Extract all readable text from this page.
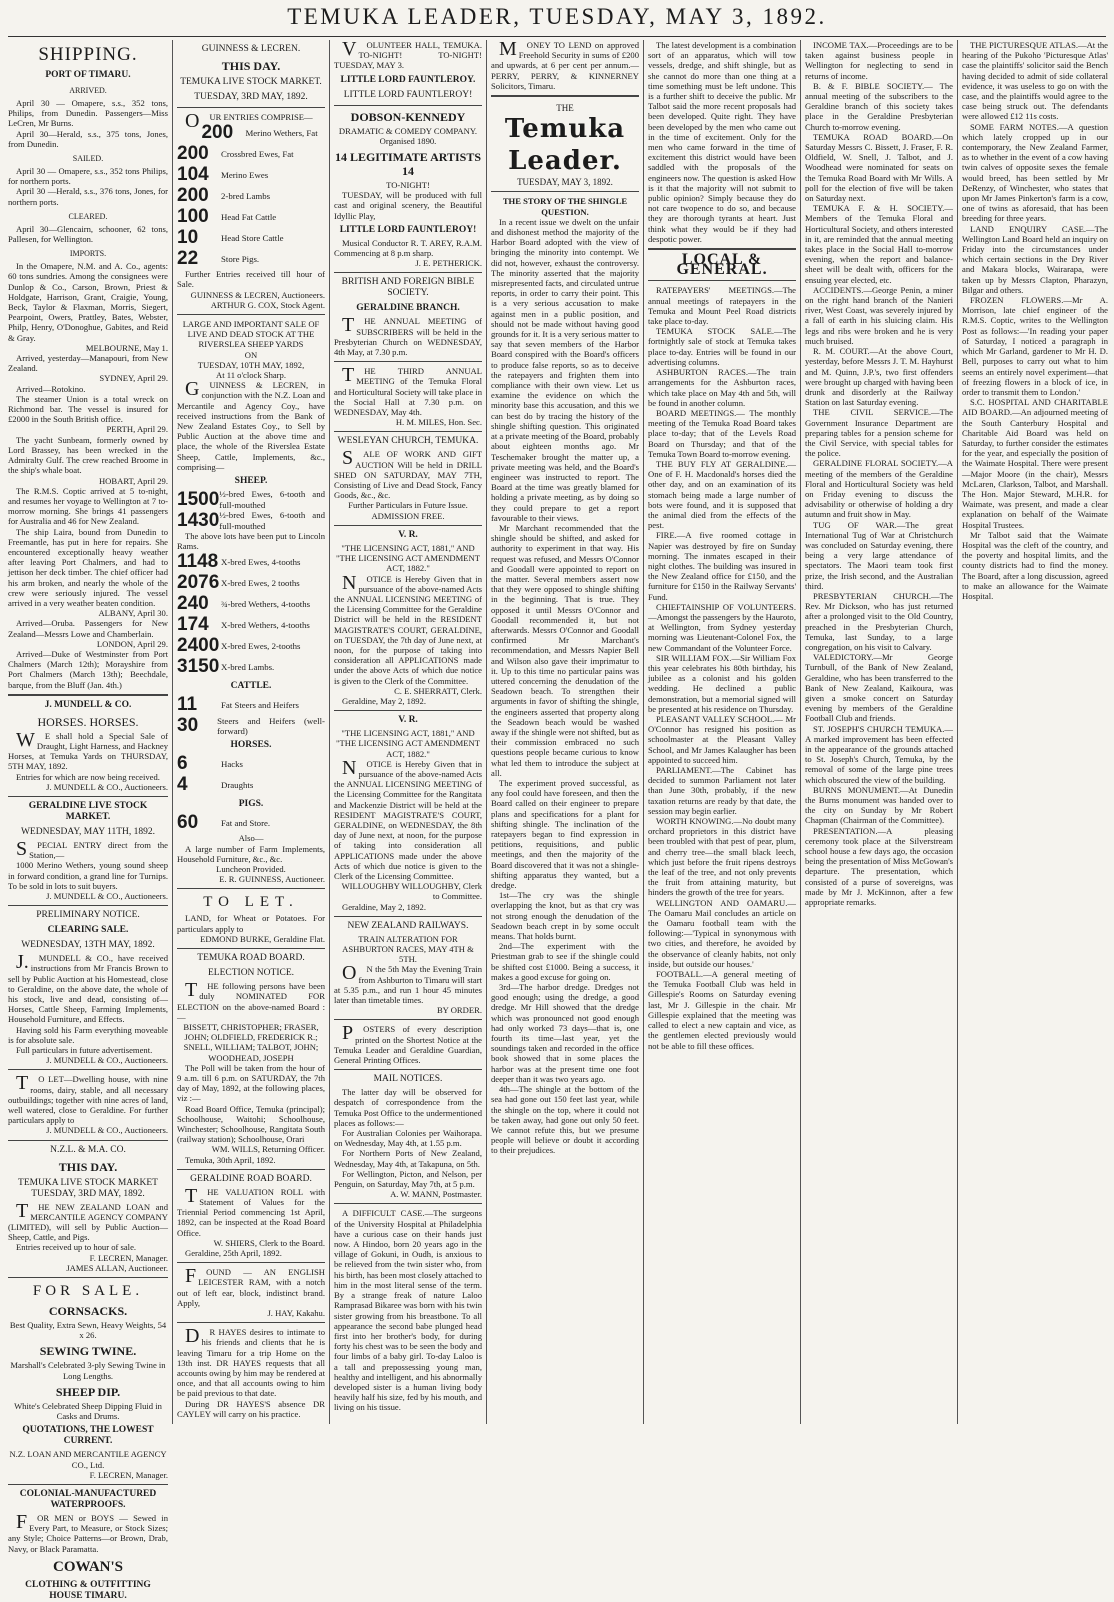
TEMUKA LEADER, TUESDAY, MAY 3, 1892.
SHIPPING.
PORT OF TIMARU.
ARRIVED.

April 30 — Omapere, s.s., 352 tons, Philips, from Dunedin. Passengers—Miss LeCren, Mr Burns.

April 30—Herald, s.s., 375 tons, Jones, from Dunedin.

SAILED.

April 30 — Omapere, s.s., 352 tons Philips, for northern ports.

April 30 —Herald, s.s., 376 tons, Jones, for northern ports.

CLEARED.

April 30—Glencairn, schooner, 62 tons, Pallesen, for Wellington.

IMPORTS.

In the Omapere, N.M. and A. Co., agents: 60 tons sundries. Among the consignees were Dunlop & Co., Carson, Brown, Priest & Holdgate, Harrison, Grant, Craigie, Young, Beck, Taylor & Flaxman, Morris, Siegert, Pearpoint, Owers, Prattley, Bates, Webster, Philp, Henry, O'Donoghue, Gabites, and Reid & Gray.

MELBOURNE, May 1.

Arrived, yesterday—Manapouri, from New Zealand.

SYDNEY, April 29.

Arrived—Rotokino.

The steamer Union is a total wreck on Richmond bar. The vessel is insured for £2000 in the South British office.

PERTH, April 29.

The yacht Sunbeam, formerly owned by Lord Brassey, has been wrecked in the Admiralty Gulf. The crew reached Broome in the ship's whale boat.

HOBART, April 29.

The R.M.S. Coptic arrived at 5 to-night, and resumes her voyage to Wellington at 7 to-morrow morning. She brings 41 passengers for Australia and 46 for New Zealand.

The ship Laira, bound from Dunedin to Freemantle, has put in here for repairs. She encountered exceptionally heavy weather after leaving Port Chalmers, and had to jettison her deck timber. The chief officer had his arm broken, and nearly the whole of the crew were seriously injured. The vessel arrived in a very weather beaten condition.

ALBANY, April 30.

Arrived—Oruba. Passengers for New Zealand—Messrs Lowe and Chamberlain.

LONDON, April 29.

Arrived—Duke of Westminster from Port Chalmers (March 12th); Morayshire from Port Chalmers (March 13th); Beechdale, barque, from the Bluff (Jan. 4th.)

J. MUNDELL & CO.
HORSES. HORSES.

WE shall hold a Special Sale of Draught, Light Harness, and Hackney Horses, at Temuka Yards on THURSDAY, 5TH MAY, 1892.

Entries for which are now being received.

J. MUNDELL & CO., Auctioneers.

GERALDINE LIVE STOCK MARKET.
WEDNESDAY, MAY 11TH, 1892.

SPECIAL ENTRY direct from the Station,—

1000 Merino Wethers, young sound sheep in forward condition, a grand line for Turnips. To be sold in lots to suit buyers.

J. MUNDELL & CO., Auctioneers.

PRELIMINARY NOTICE.
CLEARING SALE.
WEDNESDAY, 13TH MAY, 1892.

J.MUNDELL & CO., have received instructions from Mr Francis Brown to sell by Public Auction at his Homestead, close to Geraldine, on the above date, the whole of his stock, live and dead, consisting of—Horses, Cattle Sheep, Farming Implements, Household Furniture, and Effects.

Having sold his Farm everything moveable is for absolute sale.

Full particulars in future advertisement.

J. MUNDELL & CO., Auctioneers.

TO LET—Dwelling house, with nine rooms, dairy, stable, and all necessary outbuildings; together with nine acres of land, well watered, close to Geraldine. For further particulars apply to

J. MUNDELL & CO., Auctioneers.

N.Z.L. & M.A. CO.
THIS DAY.
TEMUKA LIVE STOCK MARKET TUESDAY, 3RD MAY, 1892.

THE NEW ZEALAND LOAN and MERCANTILE AGENCY COMPANY (LIMITED), will sell by Public Auction—Sheep, Cattle, and Pigs.

Entries received up to hour of sale.

F. LECREN, Manager.

JAMES ALLAN, Auctioneer.

FOR SALE.
CORNSACKS.

Best Quality, Extra Sewn, Heavy Weights, 54 x 26.

SEWING TWINE.

Marshall's Celebrated 3-ply Sewing Twine in Long Lengths.

SHEEP DIP.

White's Celebrated Sheep Dipping Fluid in Casks and Drums.

QUOTATIONS, THE LOWEST CURRENT.

N.Z. LOAN AND MERCANTILE AGENCY CO., Ltd.

F. LECREN, Manager.

COLONIAL-MANUFACTURED WATERPROOFS.

FOR MEN or BOYS — Sewed in Every Part, to Measure, or Stock Sizes; any Style; Choice Patterns—or Brown, Drab, Navy, or Black Paramatta.

COWAN'S
CLOTHING & OUTFITTING HOUSE TIMARU.
GUINNESS & LECREN.
THIS DAY.
TEMUKA LIVE STOCK MARKET.
TUESDAY, 3RD MAY, 1892.

OUR ENTRIES COMPRISE—

200	Merino Wethers, Fat
200	Crossbred Ewes, Fat
104	Merino Ewes
200	2-bred Lambs
100	Head Fat Cattle
10	Head Store Cattle
22	Store Pigs.

Further Entries received till hour of Sale.

GUINNESS & LECREN, Auctioneers.

ARTHUR G. COX, Stock Agent.

LARGE AND IMPORTANT SALE OF LIVE AND DEAD STOCK AT THE RIVERSLEA SHEEP YARDS

ON

TUESDAY, 10TH MAY, 1892,

At 11 o'clock Sharp.

GUINNESS & LECREN, in conjunction with the N.Z. Loan and Mercantile and Agency Coy., have received instructions from the Bank of New Zealand Estates Coy., to Sell by Public Auction at the above time and place, the whole of the Riverslea Estate Sheep, Cattle, Implements, &c., comprising—

SHEEP.
1500 ½-bred Ewes, 6-tooth and full-mouthed
1430 ½-bred Ewes, 6-tooth and full-mouthed

The above lots have been put to Lincoln Rams.

1148 X-bred Ewes, 4-tooths
2076 X-bred Ewes, 2 tooths
240	¾-bred Wethers, 4-tooths
174	X-bred Wethers, 4-tooths
2400 X-bred Ewes, 2-tooths
3150 X-bred Lambs.
CATTLE.
11	Fat Steers and Heifers
30	Steers and Heifers (well-forward)
HORSES.
6	Hacks
4	Draughts
PIGS.
60	Fat and Store.

Also—

A large number of Farm Implements, Household Furniture, &c., &c.

Luncheon Provided.

E. R. GUINNESS, Auctioneer.

TO LET.

LAND, for Wheat or Potatoes. For particulars apply to

EDMOND BURKE, Geraldine Flat.

TEMUKA ROAD BOARD.
ELECTION NOTICE.

THE following persons have been duly NOMINATED FOR ELECTION on the above-named Board :—

BISSETT, CHRISTOPHER; FRASER, JOHN; OLDFIELD, FREDERICK R.; SNELL, WILLIAM; TALBOT, JOHN; WOODHEAD, JOSEPH

The Poll will be taken from the hour of 9 a.m. till 6 p.m. on SATURDAY, the 7th day of May, 1892, at the following places, viz :—

Road Board Office, Temuka (principal); Schoolhouse, Waitohi; Schoolhouse, Winchester; Schoolhouse, Rangitata South (railway station); Schoolhouse, Orari

WM. WILLS, Returning Officer.

Temuka, 30th April, 1892.

GERALDINE ROAD BOARD.

THE VALUATION ROLL with Statement of Values for the Triennial Period commencing 1st April, 1892, can be inspected at the Road Board Office.

W. SHIERS, Clerk to the Board.

Geraldine, 25th April, 1892.

FOUND — AN ENGLISH LEICESTER RAM, with a notch out of left ear, block, indistinct brand. Apply,

J. HAY, Kakahu.

DR HAYES desires to intimate to his friends and clients that he is leaving Timaru for a trip Home on the 13th inst. DR HAYES requests that all accounts owing by him may be rendered at once, and that all accounts owing to him be paid previous to that date.

During DR HAYES'S absence DR CAYLEY will carry on his practice.

VOLUNTEER HALL, TEMUKA. TO-NIGHT! TO-NIGHT! TUESDAY, MAY 3.

LITTLE LORD FAUNTLEROY.
LITTLE LORD FAUNTLEROY!
DOBSON-KENNEDY

DRAMATIC & COMEDY COMPANY. Organised 1890.

14 LEGITIMATE ARTISTS 14

TO-NIGHT!

TUESDAY, will be produced with full cast and original scenery, the Beautiful Idyllic Play,

LITTLE LORD FAUNTLEROY!

Musical Conductor R. T. AREY, R.A.M. Commencing at 8 p.m sharp.

J. E. PETHERICK.

BRITISH AND FOREIGN BIBLE SOCIETY.
GERALDINE BRANCH.

THE ANNUAL MEETING of SUBSCRIBERS will be held in the Presbyterian Church on WEDNESDAY, 4th May, at 7.30 p.m.

THE THIRD ANNUAL MEETING of the Temuka Floral and Horticultural Society will take place in the Social Hall at 7.30 p.m. on WEDNESDAY, May 4th.

H. M. MILES, Hon. Sec.

WESLEYAN CHURCH, TEMUKA.

SALE OF WORK AND GIFT AUCTION Will be held in DRILL SHED ON SATURDAY, MAY 7TH, Consisting of Live and Dead Stock, Fancy Goods, &c., &c.

Further Particulars in Future Issue.

ADMISSION FREE.

V. R.

"THE LICENSING ACT, 1881," AND "THE LICENSING ACT AMENDMENT ACT, 1882."

NOTICE is Hereby Given that in pursuance of the above-named Acts the ANNUAL LICENSING MEETING of the Licensing Committee for the Geraldine District will be held in the RESIDENT MAGISTRATE'S COURT, GERALDINE, on TUESDAY, the 7th day of June next, at noon, for the purpose of taking into consideration all APPLICATIONS made under the above Acts of which due notice is given to the Clerk of the Committee.

C. E. SHERRATT, Clerk.

Geraldine, May 2, 1892.

V. R.

"THE LICENSING ACT, 1881," AND "THE LICENSING ACT AMENDMENT ACT, 1882."

NOTICE is Hereby Given that in pursuance of the above-named Acts the ANNUAL LICENSING MEETING of the Licensing Committee for the Rangitata and Mackenzie District will be held at the RESIDENT MAGISTRATE'S COURT, GERALDINE, on WEDNESDAY, the 8th day of June next, at noon, for the purpose of taking into consideration all APPLICATIONS made under the above Acts of which due notice is given to the Clerk of the Licensing Committee.

WILLOUGHBY WILLOUGHBY, Clerk to Committee.

Geraldine, May 2, 1892.

NEW ZEALAND RAILWAYS.

TRAIN ALTERATION FOR ASHBURTON RACES, MAY 4TH & 5TH.

ON the 5th May the Evening Train from Ashburton to Timaru will start at 5.35 p.m., and run 1 hour 45 minutes later than timetable times.

BY ORDER.

POSTERS of every description printed on the Shortest Notice at the Temuka Leader and Geraldine Guardian, General Printing Offices.

MAIL NOTICES.

The latter day will be observed for despatch of correspondence from the Temuka Post Office to the undermentioned places as follows:—

For Australian Colonies per Waihorapa. on Wednesday, May 4th, at 1.55 p.m.

For Northern Ports of New Zealand, Wednesday, May 4th, at Takapuna, on 5th.

For Wellington, Picton, and Nelson, per Penguin, on Saturday, May 7th, at 5 p.m.

A. W. MANN, Postmaster.

A DIFFICULT CASE.—The surgeons of the University Hospital at Philadelphia have a curious case on their hands just now. A Hindoo, born 20 years ago in the village of Gokuni, in Oudh, is anxious to be relieved from the twin sister who, from his birth, has been most closely attached to him in the most literal sense of the term. By a strange freak of nature Laloo Ramprasad Bikaree was born with his twin sister growing from his breastbone. To all appearance the second babe plunged head first into her brother's body, for during forty his chest was to be seen the body and four limbs of a baby girl. To-day Laloo is a tall and prepossessing young man, healthy and intelligent, and his abnormally developed sister is a human living body heavily half his size, fed by his mouth, and living on his tissue.

MONEY TO LEND on approved Freehold Security in sums of £200 and upwards, at 6 per cent per annum.—PERRY, PERRY, & KINNERNEY Solicitors, Timaru.

THE
Temuka Leader.
TUESDAY, MAY 3, 1892.

THE STORY OF THE SHINGLE QUESTION.

In a recent issue we dwelt on the unfair and dishonest method the majority of the Harbor Board adopted with the view of bringing the minority into contempt. We did not, however, exhaust the controversy. The minority asserted that the majority misrepresented facts, and circulated untrue reports, in order to carry their point. This is a very serious accusation to make against men in a public position, and should not be made without having good grounds for it. It is a very serious matter to say that seven members of the Harbor Board conspired with the Board's officers to produce false reports, so as to deceive the ratepayers and frighten them into compliance with their own view. Let us examine the evidence on which the minority base this accusation, and this we can best do by tracing the history of the shingle shifting question. This originated at a private meeting of the Board, probably about eighteen months ago. Mr Teschemaker brought the matter up, a private meeting was held, and the Board's engineer was instructed to report. The Board at the time was greatly blamed for holding a private meeting, as by doing so they could prepare to get a report favourable to their views.

Mr Marchant recommended that the shingle should be shifted, and asked for authority to experiment in that way. His request was refused, and Messrs O'Connor and Goodall were appointed to report on the matter. Several members assert now that they were opposed to shingle shifting in the beginning. That is true. They opposed it until Messrs O'Connor and Goodall recommended it, but not afterwards. Messrs O'Connor and Goodall confirmed Mr Marchant's recommendation, and Messrs Napier Bell and Wilson also gave their imprimatur to it. Up to this time no particular pains was uttered concerning the denudation of the Seadown beach. To strengthen their arguments in favor of shifting the shingle, the engineers asserted that property along the Seadown beach would be washed away if the shingle were not shifted, but as their commission embraced no such questions people became curious to know what led them to introduce the subject at all.

The experiment proved successful, as any fool could have foreseen, and then the Board called on their engineer to prepare plans and specifications for a plant for shifting shingle. The inclination of the ratepayers began to find expression in petitions, requisitions, and public meetings, and then the majority of the Board discovered that it was not a shingle-shifting apparatus they wanted, but a dredge.

1st—The cry was the shingle overlapping the knot, but as that cry was not strong enough the denudation of the Seadown beach crept in by some occult means. That holds burnt.

2nd—The experiment with the Priestman grab to see if the shingle could be shifted cost £1000. Being a success, it makes a good excuse for going on.

3rd—The harbor dredge. Dredges not good enough; using the dredge, a good dredge. Mr Hill showed that the dredge which was pronounced not good enough had only worked 73 days—that is, one fourth its time—last year, yet the soundings taken and recorded in the office book showed that in some places the harbor was at the present time one foot deeper than it was two years ago.

4th—The shingle at the bottom of the sea had gone out 150 feet last year, while the shingle on the top, where it could not be taken away, had gone out only 50 feet. We cannot refute this, but we presume people will believe or doubt it according to their prejudices.

The latest development is a combination sort of an apparatus, which will tow vessels, dredge, and shift shingle, but as she cannot do more than one thing at a time something must be left undone. This is a further shift to deceive the public. Mr Talbot said the more recent proposals had been developed. Quite right. They have been developed by the men who came out in the time of excitement. Only for the men who came forward in the time of excitement this district would have been saddled with the proposals of the engineers now. The question is asked How is it that the majority will not submit to public opinion? Simply because they do not care twopence to do so, and because they are thorough tyrants at heart. Just think what they would be if they had despotic power.

LOCAL & GENERAL.

RATEPAYERS' MEETINGS.—The annual meetings of ratepayers in the Temuka and Mount Peel Road districts take place to-day.

TEMUKA STOCK SALE.—The fortnightly sale of stock at Temuka takes place to-day. Entries will be found in our advertising columns.

ASHBURTON RACES.—The train arrangements for the Ashburton races, which take place on May 4th and 5th, will be found in another column.

BOARD MEETINGS.— The monthly meeting of the Temuka Road Board takes place to-day; that of the Levels Road Board on Thursday; and that of the Temuka Town Board to-morrow evening.

THE BUY FLY AT GERALDINE.—One of F. H. Macdonald's horses died the other day, and on an examination of its stomach being made a large number of bots were found, and it is supposed that the animal died from the effects of the pest.

FIRE.—A five roomed cottage in Napier was destroyed by fire on Sunday morning. The inmates escaped in their night clothes. The building was insured in the New Zealand office for £150, and the furniture for £150 in the Railway Servants' Fund.

CHIEFTAINSHIP OF VOLUNTEERS.—Amongst the passengers by the Hauroto, at Wellington, from Sydney yesterday morning was Lieutenant-Colonel Fox, the new Commandant of the Volunteer Force.

SIR WILLIAM FOX.—Sir William Fox this year celebrates his 80th birthday, his jubilee as a colonist and his golden wedding. He declined a public demonstration, but a memorial signed will be presented at his residence on Thursday.

PLEASANT VALLEY SCHOOL.— Mr O'Connor has resigned his position as schoolmaster at the Pleasant Valley School, and Mr James Kalaugher has been appointed to succeed him.

PARLIAMENT.—The Cabinet has decided to summon Parliament not later than June 30th, probably, if the new taxation returns are ready by that date, the session may begin earlier.

WORTH KNOWING.—No doubt many orchard proprietors in this district have been troubled with that pest of pear, plum, and cherry tree—the small black leech, which just before the fruit ripens destroys the leaf of the tree, and not only prevents the fruit from attaining maturity, but hinders the growth of the tree for years.

WELLINGTON AND OAMARU.—The Oamaru Mail concludes an article on the Oamaru football team with the following:—'Typical in synonymous with two cities, and therefore, he avoided by the observance of cleanly habits, not only inside, but outside our houses.'

FOOTBALL.—A general meeting of the Temuka Football Club was held in Gillespie's Rooms on Saturday evening last, Mr J. Gillespie in the chair. Mr Gillespie explained that the meeting was called to elect a new captain and vice, as the gentlemen elected previously would not be able to fill these offices.

INCOME TAX.—Proceedings are to be taken against business people in Wellington for neglecting to send in returns of income.

B. & F. BIBLE SOCIETY.— The annual meeting of the subscribers to the Geraldine branch of this society takes place in the Geraldine Presbyterian Church to-morrow evening.

TEMUKA ROAD BOARD.—On Saturday Messrs C. Bissett, J. Fraser, F. R. Oldfield, W. Snell, J. Talbot, and J. Woodhead were nominated for seats on the Temuka Road Board with Mr Wills. A poll for the election of five will be taken on Saturday next.

TEMUKA F. & H. SOCIETY.—Members of the Temuka Floral and Horticultural Society, and others interested in it, are reminded that the annual meeting takes place in the Social Hall to-morrow evening, when the report and balance-sheet will be dealt with, officers for the ensuing year elected, etc.

ACCIDENTS.—George Penin, a miner on the right hand branch of the Nanieri river, West Coast, was severely injured by a fall of earth in his sluicing claim. His legs and ribs were broken and he is very much bruised.

R. M. COURT.—At the above Court, yesterday, before Messrs J. T. M. Hayhurst and M. Quinn, J.P.'s, two first offenders were brought up charged with having been drunk and disorderly at the Railway Station on last Saturday evening.

THE CIVIL SERVICE.—The Government Insurance Department are preparing tables for a pension scheme for the Civil Service, with special tables for the police.

GERALDINE FLORAL SOCIETY.—A meeting of the members of the Geraldine Floral and Horticultural Society was held on Friday evening to discuss the advisability or otherwise of holding a dry autumn and fruit show in May.

TUG OF WAR.—The great International Tug of War at Christchurch was concluded on Saturday evening, there being a very large attendance of spectators. The Maori team took first prize, the Irish second, and the Australian third.

PRESBYTERIAN CHURCH.—The Rev. Mr Dickson, who has just returned after a prolonged visit to the Old Country, preached in the Presbyterian Church, Temuka, last Sunday, to a large congregation, on his visit to Calvary.

VALEDICTORY.—Mr George Turnbull, of the Bank of New Zealand, Geraldine, who has been transferred to the Bank of New Zealand, Kaikoura, was given a smoke concert on Saturday evening by members of the Geraldine Football Club and friends.

ST. JOSEPH'S CHURCH TEMUKA.—A marked improvement has been effected in the appearance of the grounds attached to St. Joseph's Church, Temuka, by the removal of some of the large pine trees which obscured the view of the building.

BURNS MONUMENT.—At Dunedin the Burns monument was handed over to the city on Sunday by Mr Robert Chapman (Chairman of the Committee).

PRESENTATION.—A pleasing ceremony took place at the Silverstream school house a few days ago, the occasion being the presentation of Miss McGowan's departure. The presentation, which consisted of a purse of sovereigns, was made by Mr J. McKinnon, after a few appropriate remarks.

THE PICTURESQUE ATLAS.—At the hearing of the Pukoho 'Picturesque Atlas' case the plaintiffs' solicitor said the Bench having decided to admit of side collateral evidence, it was useless to go on with the case, and the plaintiffs would agree to the case being struck out. The defendants were allowed £12 11s costs.

SOME FARM NOTES.—A question which lately cropped up in our contemporary, the New Zealand Farmer, as to whether in the event of a cow having twin calves of opposite sexes the female would breed, has been settled by Mr DeRenzy, of Winchester, who states that upon Mr James Pinkerton's farm is a cow, one of twins as aforesaid, that has been breeding for three years.

LAND ENQUIRY CASE.—The Wellington Land Board held an inquiry on Friday into the circumstances under which certain sections in the Dry River and Makara blocks, Wairarapa, were taken up by Messrs Clapton, Pharazyn, Bilgar and others.

FROZEN FLOWERS.—Mr A. Morrison, late chief engineer of the R.M.S. Coptic, writes to the Wellington Post as follows:—'In reading your paper of Saturday, I noticed a paragraph in which Mr Garland, gardener to Mr H. D. Bell, purposes to carry out what to him seems an entirely novel experiment—that of freezing flowers in a block of ice, in order to transmit them to London.'

S.C. HOSPITAL AND CHARITABLE AID BOARD.—An adjourned meeting of the South Canterbury Hospital and Charitable Aid Board was held on Saturday, to further consider the estimates for the year, and especially the position of the Waimate Hospital. There were present—Major Moore (in the chair), Messrs McLaren, Clarkson, Talbot, and Marshall. The Hon. Major Steward, M.H.R. for Waimate, was present, and made a clear explanation on behalf of the Waimate Hospital Trustees.

Mr Talbot said that the Waimate Hospital was the cleft of the country, and the poverty and hospital limits, and the county districts had to find the money. The Board, after a long discussion, agreed to make an allowance for the Waimate Hospital.
